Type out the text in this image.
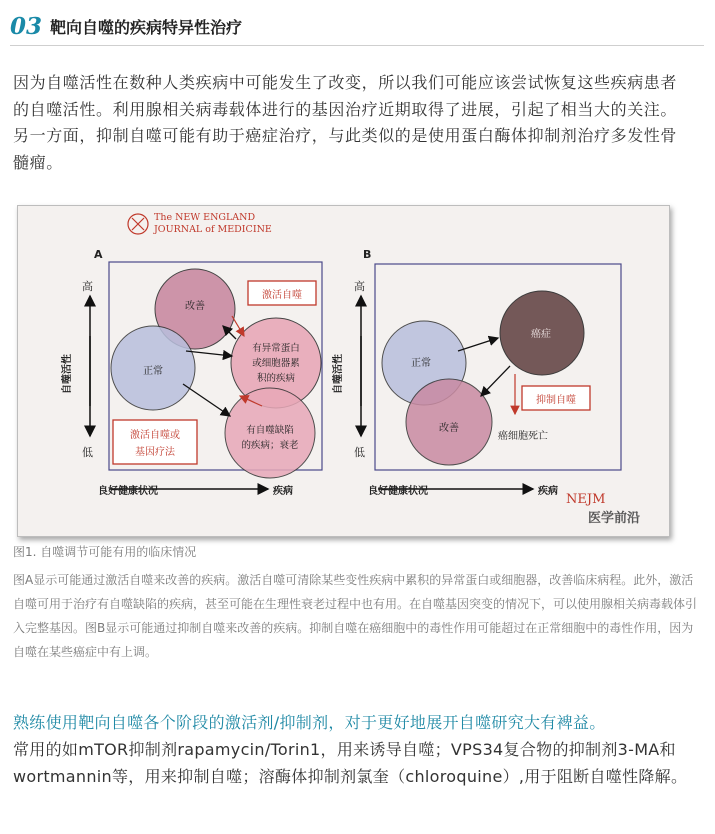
03 靶向自噬的疾病特异性治疗
因为自噬活性在数种人类疾病中可能发生了改变，所以我们可能应该尝试恢复这些疾病患者的自噬活性。利用腺相关病毒载体进行的基因治疗近期取得了进展，引起了相当大的关注。另一方面，抑制自噬可能有助于癌症治疗，与此类似的是使用蛋白酶体抑制剂治疗多发性骨髓瘤。
The NEW ENGLAND
JOURNAL of MEDICINE
A
高
低
自噬活性
改善
正常
有异常蛋白
或细胞器累
积的疾病
有自噬缺陷
的疾病；衰老
激活自噬
激活自噬或
基因疗法
良好健康状况	疾病
B
高
低
自噬活性	正常
改善
癌症
抑制自噬
癌细胞死亡
良好健康状况	疾病
NEJM
医学前沿
图1. 自噬调节可能有用的临床情况
图A显示可能通过激活自噬来改善的疾病。激活自噬可清除某些变性疾病中累积的异常蛋白或细胞器，改善临床病程。此外，激活自噬可用于治疗有自噬缺陷的疾病，甚至可能在生理性衰老过程中也有用。在自噬基因突变的情况下，可以使用腺相关病毒载体引入完整基因。图B显示可能通过抑制自噬来改善的疾病。抑制自噬在癌细胞中的毒性作用可能超过在正常细胞中的毒性作用，因为自噬在某些癌症中有上调。
熟练使用靶向自噬各个阶段的激活剂/抑制剂，对于更好地展开自噬研究大有裨益。
常用的如mTOR抑制剂rapamycin/Torin1，用来诱导自噬；VPS34复合物的抑制剂3-MA和wortmannin等，用来抑制自噬；溶酶体抑制剂氯奎（chloroquine）,用于阻断自噬性降解。
